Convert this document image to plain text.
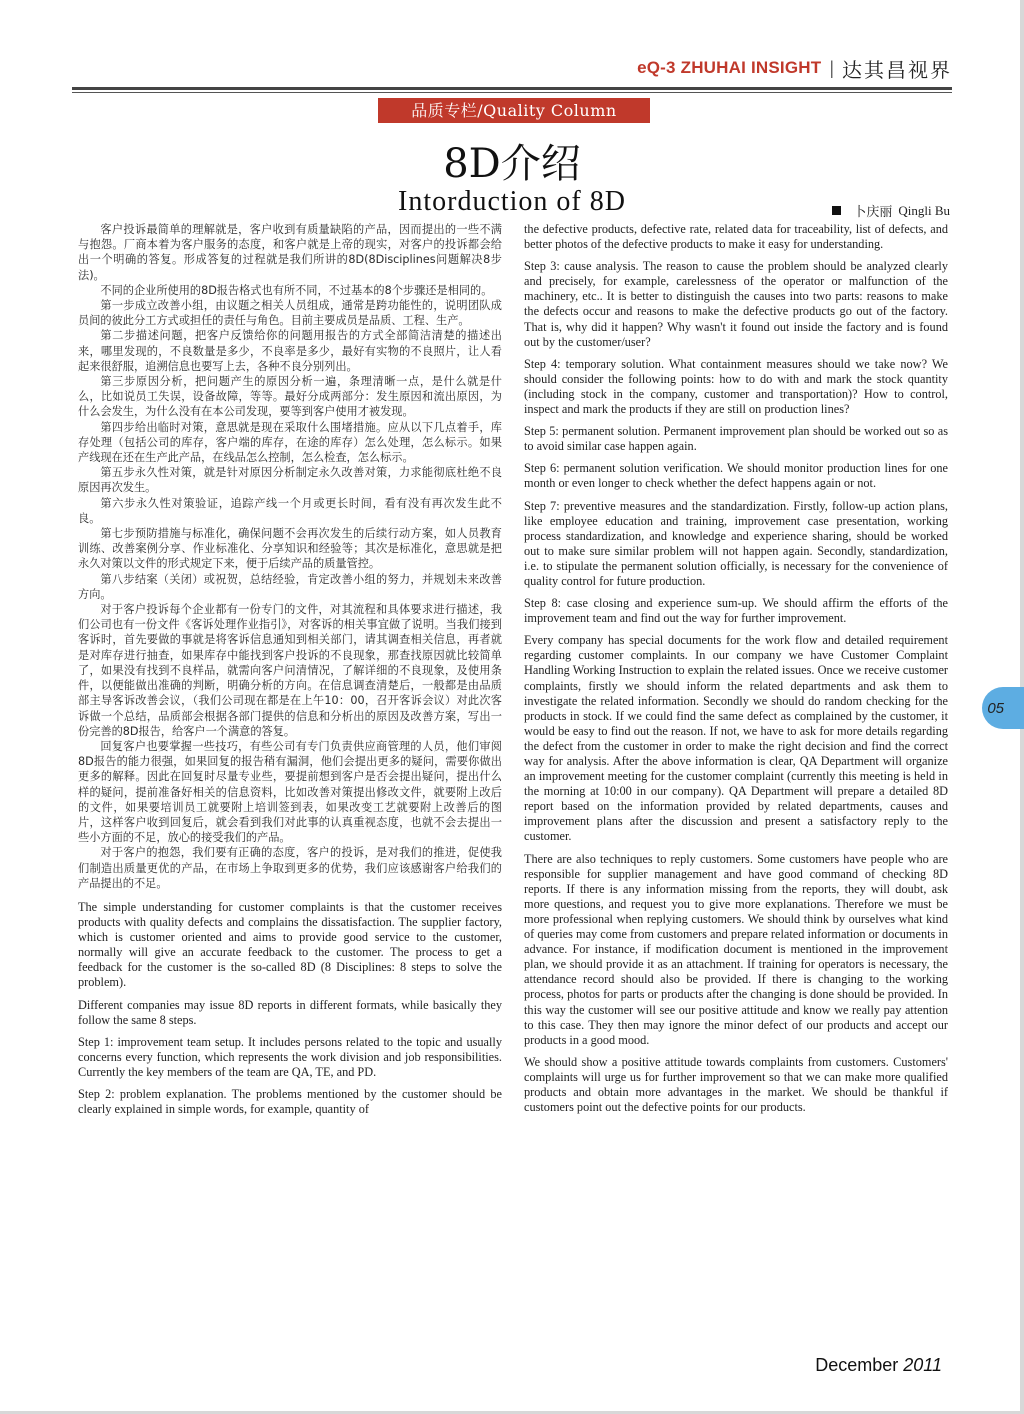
eQ-3 ZHUHAI INSIGHT | 达其昌视界
品质专栏/Quality Column
8D介绍
Intorduction of 8D	卜庆丽 Qingli Bu

客户投诉最简单的理解就是，客户收到有质量缺陷的产品，因而提出的一些不满与抱怨。厂商本着为客户服务的态度，和客户就是上帝的现实，对客户的投诉都会给出一个明确的答复。形成答复的过程就是我们所讲的8D(8Disciplines问题解决8步法)。

不同的企业所使用的8D报告格式也有所不同，不过基本的8个步骤还是相同的。

第一步成立改善小组，由议题之相关人员组成，通常是跨功能性的，说明团队成员间的彼此分工方式或担任的责任与角色。目前主要成员是品质、工程、生产。

第二步描述问题，把客户反馈给你的问题用报告的方式全部简洁清楚的描述出来，哪里发现的，不良数量是多少，不良率是多少，最好有实物的不良照片，让人看起来很舒服，追溯信息也要写上去，各种不良分别列出。

第三步原因分析，把问题产生的原因分析一遍，条理清晰一点，是什么就是什么，比如说员工失误，设备故障，等等。最好分成两部分：发生原因和流出原因，为什么会发生，为什么没有在本公司发现，要等到客户使用才被发现。

第四步给出临时对策，意思就是现在采取什么围堵措施。应从以下几点着手，库存处理（包括公司的库存，客户端的库存，在途的库存）怎么处理，怎么标示。如果产线现在还在生产此产品，在线品怎么控制，怎么检查，怎么标示。

第五步永久性对策，就是针对原因分析制定永久改善对策，力求能彻底杜绝不良原因再次发生。

第六步永久性对策验证，追踪产线一个月或更长时间，看有没有再次发生此不良。

第七步预防措施与标准化，确保问题不会再次发生的后续行动方案，如人员教育训练、改善案例分享、作业标准化、分享知识和经验等；其次是标准化，意思就是把永久对策以文件的形式规定下来，便于后续产品的质量管控。

第八步结案（关闭）或祝贺，总结经验，肯定改善小组的努力，并规划未来改善方向。

对于客户投诉每个企业都有一份专门的文件，对其流程和具体要求进行描述，我们公司也有一份文件《客诉处理作业指引》，对客诉的相关事宜做了说明。当我们接到客诉时，首先要做的事就是将客诉信息通知到相关部门，请其调查相关信息，再者就是对库存进行抽查，如果库存中能找到客户投诉的不良现象，那查找原因就比较简单了，如果没有找到不良样品，就需向客户问清情况，了解详细的不良现象，及使用条件，以便能做出准确的判断，明确分析的方向。在信息调查清楚后，一般都是由品质部主导客诉改善会议，（我们公司现在都是在上午10：00，召开客诉会议）对此次客诉做一个总结，品质部会根据各部门提供的信息和分析出的原因及改善方案，写出一份完善的8D报告，给客户一个满意的答复。

回复客户也要掌握一些技巧，有些公司有专门负责供应商管理的人员，他们审阅8D报告的能力很强，如果回复的报告稍有漏洞，他们会提出更多的疑问，需要你做出更多的解释。因此在回复时尽量专业些，要提前想到客户是否会提出疑问，提出什么样的疑问，提前准备好相关的信息资料，比如改善对策提出修改文件，就要附上改后的文件，如果要培训员工就要附上培训签到表，如果改变工艺就要附上改善后的图片，这样客户收到回复后，就会看到我们对此事的认真重视态度，也就不会去提出一些小方面的不足，放心的接受我们的产品。

对于客户的抱怨，我们要有正确的态度，客户的投诉，是对我们的推进，促使我们制造出质量更优的产品，在市场上争取到更多的优势，我们应该感谢客户给我们的产品提出的不足。

The simple understanding for customer complaints is that the customer receives products with quality defects and complains the dissatisfaction. The supplier factory, which is customer oriented and aims to provide good service to the customer, normally will give an accurate feedback to the customer. The process to get a feedback for the customer is the so-called 8D (8 Disciplines: 8 steps to solve the problem).

Different companies may issue 8D reports in different formats, while basically they follow the same 8 steps.

Step 1: improvement team setup. It includes persons related to the topic and usually concerns every function, which represents the work division and job responsibilities. Currently the key members of the team are QA, TE, and PD.

Step 2: problem explanation. The problems mentioned by the customer should be clearly explained in simple words, for example, quantity of

the defective products, defective rate, related data for traceability, list of defects, and better photos of the defective products to make it easy for understanding.

Step 3: cause analysis. The reason to cause the problem should be analyzed clearly and precisely, for example, carelessness of the operator or malfunction of the machinery, etc.. It is better to distinguish the causes into two parts: reasons to make the defects occur and reasons to make the defective products go out of the factory. That is, why did it happen? Why wasn't it found out inside the factory and is found out by the customer/user?

Step 4: temporary solution. What containment measures should we take now? We should consider the following points: how to do with and mark the stock quantity (including stock in the company, customer and transportation)? How to control, inspect and mark the products if they are still on production lines?

Step 5: permanent solution. Permanent improvement plan should be worked out so as to avoid similar case happen again.

Step 6: permanent solution verification. We should monitor production lines for one month or even longer to check whether the defect happens again or not.

Step 7: preventive measures and the standardization. Firstly, follow-up action plans, like employee education and training, improvement case presentation, working process standardization, and knowledge and experience sharing, should be worked out to make sure similar problem will not happen again. Secondly, standardization, i.e. to stipulate the permanent solution officially, is necessary for the convenience of quality control for future production.

Step 8: case closing and experience sum-up. We should affirm the efforts of the improvement team and find out the way for further improvement.

Every company has special documents for the work flow and detailed requirement regarding customer complaints. In our company we have Customer Complaint Handling Working Instruction to explain the related issues. Once we receive customer complaints, firstly we should inform the related departments and ask them to investigate the related information. Secondly we should do random checking for the products in stock. If we could find the same defect as complained by the customer, it would be easy to find out the reason. If not, we have to ask for more details regarding the defect from the customer in order to make the right decision and find the correct way for analysis. After the above information is clear, QA Department will organize an improvement meeting for the customer complaint (currently this meeting is held in the morning at 10:00 in our company). QA Department will prepare a detailed 8D report based on the information provided by related departments, causes and improvement plans after the discussion and present a satisfactory reply to the customer.

There are also techniques to reply customers. Some customers have people who are responsible for supplier management and have good command of checking 8D reports. If there is any information missing from the reports, they will doubt, ask more questions, and request you to give more explanations. Therefore we must be more professional when replying customers. We should think by ourselves what kind of queries may come from customers and prepare related information or documents in advance. For instance, if modification document is mentioned in the improvement plan, we should provide it as an attachment. If training for operators is necessary, the attendance record should also be provided. If there is changing to the working process, photos for parts or products after the changing is done should be provided. In this way the customer will see our positive attitude and know we really pay attention to this case. They then may ignore the minor defect of our products and accept our products in a good mood.

We should show a positive attitude towards complaints from customers. Customers' complaints will urge us for further improvement so that we can make more qualified products and obtain more advantages in the market. We should be thankful if customers point out the defective points for our products.

05
December 2011
